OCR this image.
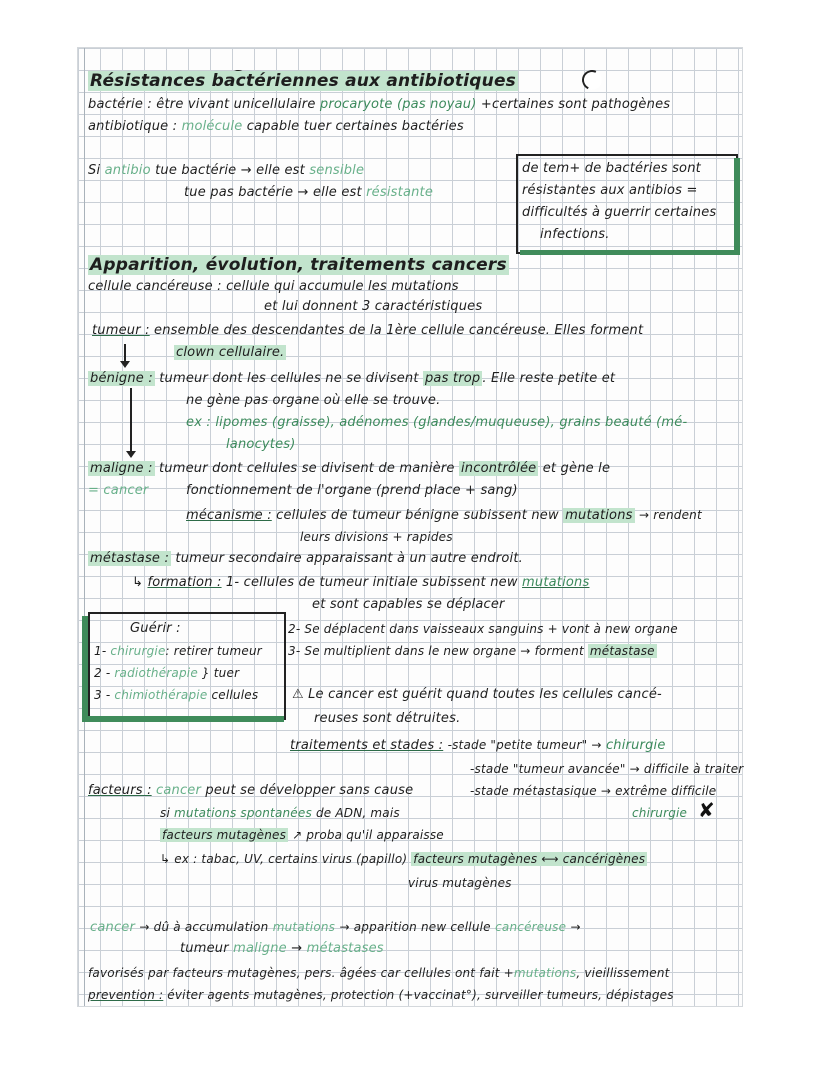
Résistances bactériennes aux antibiotiques
bactérie : être vivant unicellulaire procaryote (pas noyau) +certaines sont pathogènes
antibiotique : molécule capable tuer certaines bactéries
Si antibio tue bactérie → elle est sensible
tue pas bactérie → elle est résistante
de tem+ de bactéries sont
résistantes aux antibios =
difficultés à guerrir certaines
infections.
Apparition, évolution, traitements cancers
cellule cancéreuse : cellule qui accumule les mutations
et lui donnent 3 caractéristiques
tumeur : ensemble des descendantes de la 1ère cellule cancéreuse. Elles forment
clown cellulaire.
bénigne : tumeur dont les cellules ne se divisent pas trop . Elle reste petite et
ne gène pas organe où elle se trouve.
ex : lipomes (graisse), adénomes (glandes/muqueuse), grains beauté (mé-
lanocytes)
maligne : tumeur dont cellules se divisent de manière incontrôlée et gène le
= cancer	fonctionnement de l'organe (prend place + sang)
mécanisme : cellules de tumeur bénigne subissent new mutations → rendent
leurs divisions + rapides
métastase : tumeur secondaire apparaissant à un autre endroit.
↳ formation : 1- cellules de tumeur initiale subissent new mutations
et sont capables se déplacer
2- Se déplacent dans vaisseaux sanguins + vont à new organe
3- Se multiplient dans le new organe → forment métastase
Guérir :
1- chirurgie: retirer tumeur
2 - radiothérapie } tuer
3 - chimiothérapie cellules	⚠ Le cancer est guérit quand toutes les cellules cancé-
reuses sont détruites.
traitements et stades : -stade "petite tumeur" → chirurgie
-stade "tumeur avancée" → difficile à traiter
-stade métastasique → extrême difficile
chirurgie ✘
facteurs : cancer peut se développer sans cause
si mutations spontanées de ADN, mais
facteurs mutagènes ↗ proba qu'il apparaisse
↳ ex : tabac, UV, certains virus (papillo) facteurs mutagènes ⟷ cancérigènes
virus mutagènes
cancer → dû à accumulation mutations → apparition new cellule cancéreuse →
tumeur maligne → métastases
favorisés par facteurs mutagènes, pers. âgées car cellules ont fait +mutations, vieillissement
prevention : éviter agents mutagènes, protection (+vaccinat°), surveiller tumeurs, dépistages
